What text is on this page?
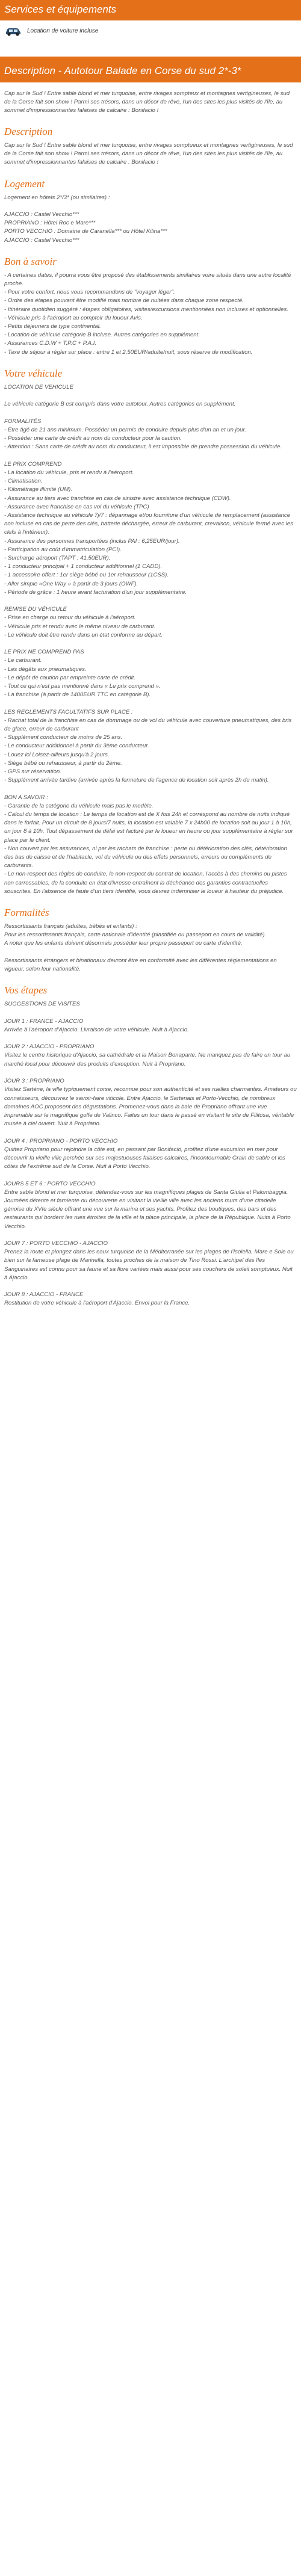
Services et équipements
Location de voiture incluse
Description - Autotour Balade en Corse du sud 2*-3*
Cap sur le Sud ! Entre sable blond et mer turquoise, entre rivages sompteux et montagnes vertigineuses, le sud de la Corse fait son show ! Parmi ses trésors, dans un décor de rêve, l'un des sites les plus visités de l'île, au sommet d'impressionnantes falaises de calcaire : Bonifacio !
Description
Cap sur le Sud ! Entre sable blond et mer turquoise, entre rivages somptueux et montagnes vertigineuses, le sud de la Corse fait son show ! Parmi ses trésors, dans un décor de rêve, l'un des sites les plus visités de l'île, au sommet d'impressionnantes falaises de calcaire : Bonifacio !
Logement
Logement en hôtels 2*/3* (ou similaires) :

AJACCIO : Castel Vecchio***
PROPRIANO : Hôtel Roc e Mare***
PORTO VECCHIO : Domaine de Caranella*** ou Hôtel Kilina***
AJACCIO : Castel Vecchio***
Bon à savoir
- A certaines dates, il pourra vous être proposé des établissements similaires voire situés dans une autre localité proche.
- Pour votre confort, nous vous recommandons de "voyager léger".
- Ordre des étapes pouvant être modifié mais nombre de nuitées dans chaque zone respecté.
- Itinéraire quotidien suggéré : étapes obligatoires, visites/excursions mentionnées non incluses et optionnelles.
- Véhicule pris à l'aéroport au comptoir du loueur Avis.
- Petits déjeuners de type continental.
- Location de véhicule catégorie B incluse. Autres catégories en supplément.
- Assurances C.D.W + T.P.C + P.A.I.
- Taxe de séjour à régler sur place : entre 1 et 2,50EUR/adulte/nuit, sous réserve de modification.
Votre véhicule
LOCATION DE VEHICULE

Le véhicule catégorie B est compris dans votre autotour. Autres catégories en supplément.

FORMALITÉS
- Etre âgé de 21 ans minimum. Posséder un permis de conduire depuis plus d'un an et un jour.
- Posséder une carte de crédit au nom du conducteur pour la caution.
- Attention : Sans carte de crédit au nom du conducteur, il est impossible de prendre possession du véhicule.

LE PRIX COMPREND
- La location du véhicule, pris et rendu à l'aéroport.
- Climatisation.
- Kilométrage illimité (UM).
- Assurance au tiers avec franchise en cas de sinistre avec assistance technique (CDW).
- Assurance avec franchise en cas vol du véhicule (TPC)
- Assistance technique au véhicule 7j/7 : dépannage et/ou fourniture d'un véhicule de remplacement (assistance non incluse en cas de perte des clés, batterie déchargée, erreur de carburant, crevaison, véhicule fermé avec les clefs à l'intérieur).
- Assurance des personnes transportées (inclus PAI : 6,25EUR/jour).
- Participation au coût d'immatriculation (PCI).
- Surcharge aéroport (TAPT : 41,50EUR).
- 1 conducteur principal + 1 conducteur additionnel (1 CADD).
- 1 accessoire offert : 1er siège bébé ou 1er rehausseur (1CSS).
- Aller simple «One Way » à partir de 3 jours (OWF).
- Période de grâce : 1 heure avant facturation d'un jour supplémentaire.

REMISE DU VÉHICULE
- Prise en charge ou retour du véhicule à l'aéroport.
- Véhicule pris et rendu avec le même niveau de carburant.
- Le véhicule doit être rendu dans un état conforme au départ.

LE PRIX NE COMPREND PAS
- Le carburant.
- Les dégâts aux pneumatiques.
- Le dépôt de caution par empreinte carte de crédit.
- Tout ce qui n'est pas mentionné dans « Le prix comprend ».
- La franchise (à partir de 1400EUR TTC en catégorie B).

LES REGLEMENTS FACULTATIFS SUR PLACE :
- Rachat total de la franchise en cas de dommage ou de vol du véhicule avec couverture pneumatiques, des bris de glace, erreur de carburant
- Supplément conducteur de moins de 25 ans.
- Le conducteur additionnel à partir du 3ème conducteur.
- Louez ici Loisez-ailleurs jusqu'à 2 jours.
- Siège bébé ou rehausseur, à partir du 2ème.
- GPS sur réservation.
- Supplément arrivée tardive (arrivée après la fermeture de l'agence de location soit après 2h du matin).

BON A SAVOIR :
- Garantie de la catégorie du véhicule mais pas le modèle.
- Calcul du temps de location : Le temps de location est de X fois 24h et correspond au nombre de nuits indiqué dans le forfait. Pour un circuit de 8 jours/7 nuits, la location est valable 7 x 24h00 de location soit au jour 1 à 10h, un jour 8 à 10h. Tout dépassement de délai est facturé par le loueur en heure ou jour supplémentaire à régler sur place par le client.
- Non couvert par les assurances, ni par les rachats de franchise : perte ou détérioration des clés, détérioration des bas de caisse et de l'habitacle, vol du véhicule ou des effets personnels, erreurs ou compléments de carburants.
- Le non-respect des règles de conduite, le non-respect du contrat de location, l'accès à des chemins ou pistes non carrossables, de la conduite en état d'ivresse entraînent la déchéance des garanties contractuelles souscrites. En l'absence de faute d'un tiers identifié, vous devrez indemniser le loueur à hauteur du préjudice.
Formalités
Ressortissants français (adultes, bébés et enfants) :
Pour les ressortissants français, carte nationale d'identité (plastifiée ou passeport en cours de validité).
A noter que les enfants doivent désormais posséder leur propre passeport ou carte d'identité.

Ressortissants étrangers et binationaux devront être en conformité avec les différentes réglementations en vigueur, selon leur nationalité.
Vos étapes
SUGGESTIONS DE VISITES

JOUR 1 : FRANCE - AJACCIO
Arrivée à l'aéroport d'Ajaccio. Livraison de votre véhicule. Nuit à Ajaccio.

JOUR 2 : AJACCIO - PROPRIANO
Visitez le centre historique d'Ajaccio, sa cathédrale et la Maison Bonaparte. Ne manquez pas de faire un tour au marché local pour découvrir des produits d'exception. Nuit à Propriano.

JOUR 3 : PROPRIANO
Visitez Sartène, la ville typiquement corse, reconnue pour son authenticité et ses ruelles charmantes. Amateurs ou connaisseurs, découvrez le savoir-faire viticole. Entre Ajaccio, le Sartenais et Porto-Vecchio, de nombreux domaines AOC proposent des dégustations. Promenez-vous dans la baie de Propriano offrant une vue imprenable sur le magnifique golfe de Valinco. Faites un tour dans le passé en visitant le site de Filitosa, véritable musée à ciel ouvert. Nuit à Propriano.

JOUR 4 : PROPRIANO - PORTO VECCHIO
Quittez Propriano pour rejoindre la côte est, en passant par Bonifacio, profitez d'une excursion en mer pour découvrir la vieille ville perchée sur ses majestueuses falaises calcaires, l'incontournable Grain de sable et les côtes de l'extrême sud de la Corse. Nuit à Porto Vecchio.

JOURS 5 ET 6 : PORTO VECCHIO
Entre sable blond et mer turquoise, détendez-vous sur les magnifiques plages de Santa Giulia et Palombaggia. Journées détente et farniente ou découverte en visitant la vieille ville avec les anciens murs d'une citadelle génoise du XVIe siècle offrant une vue sur la marina et ses yachts. Profitez des boutiques, des bars et des restaurants qui bordent les rues étroites de la ville et la place principale, la place de la République. Nuits à Porto Vecchio.

JOUR 7 : PORTO VECCHIO - AJACCIO
Prenez la route et plongez dans les eaux turquoise de la Méditerranée sur les plages de l'Isolella, Mare e Sole ou bien sur la fameuse plage de Marinella, toutes proches de la maison de Tino Rossi. L'archipel des îles Sanguinaires est connu pour sa faune et sa flore variées mais aussi pour ses couchers de soleil somptueux. Nuit à Ajaccio.

JOUR 8 : AJACCIO - FRANCE
Restitution de votre véhicule à l'aéroport d'Ajaccio. Envol pour la France.
